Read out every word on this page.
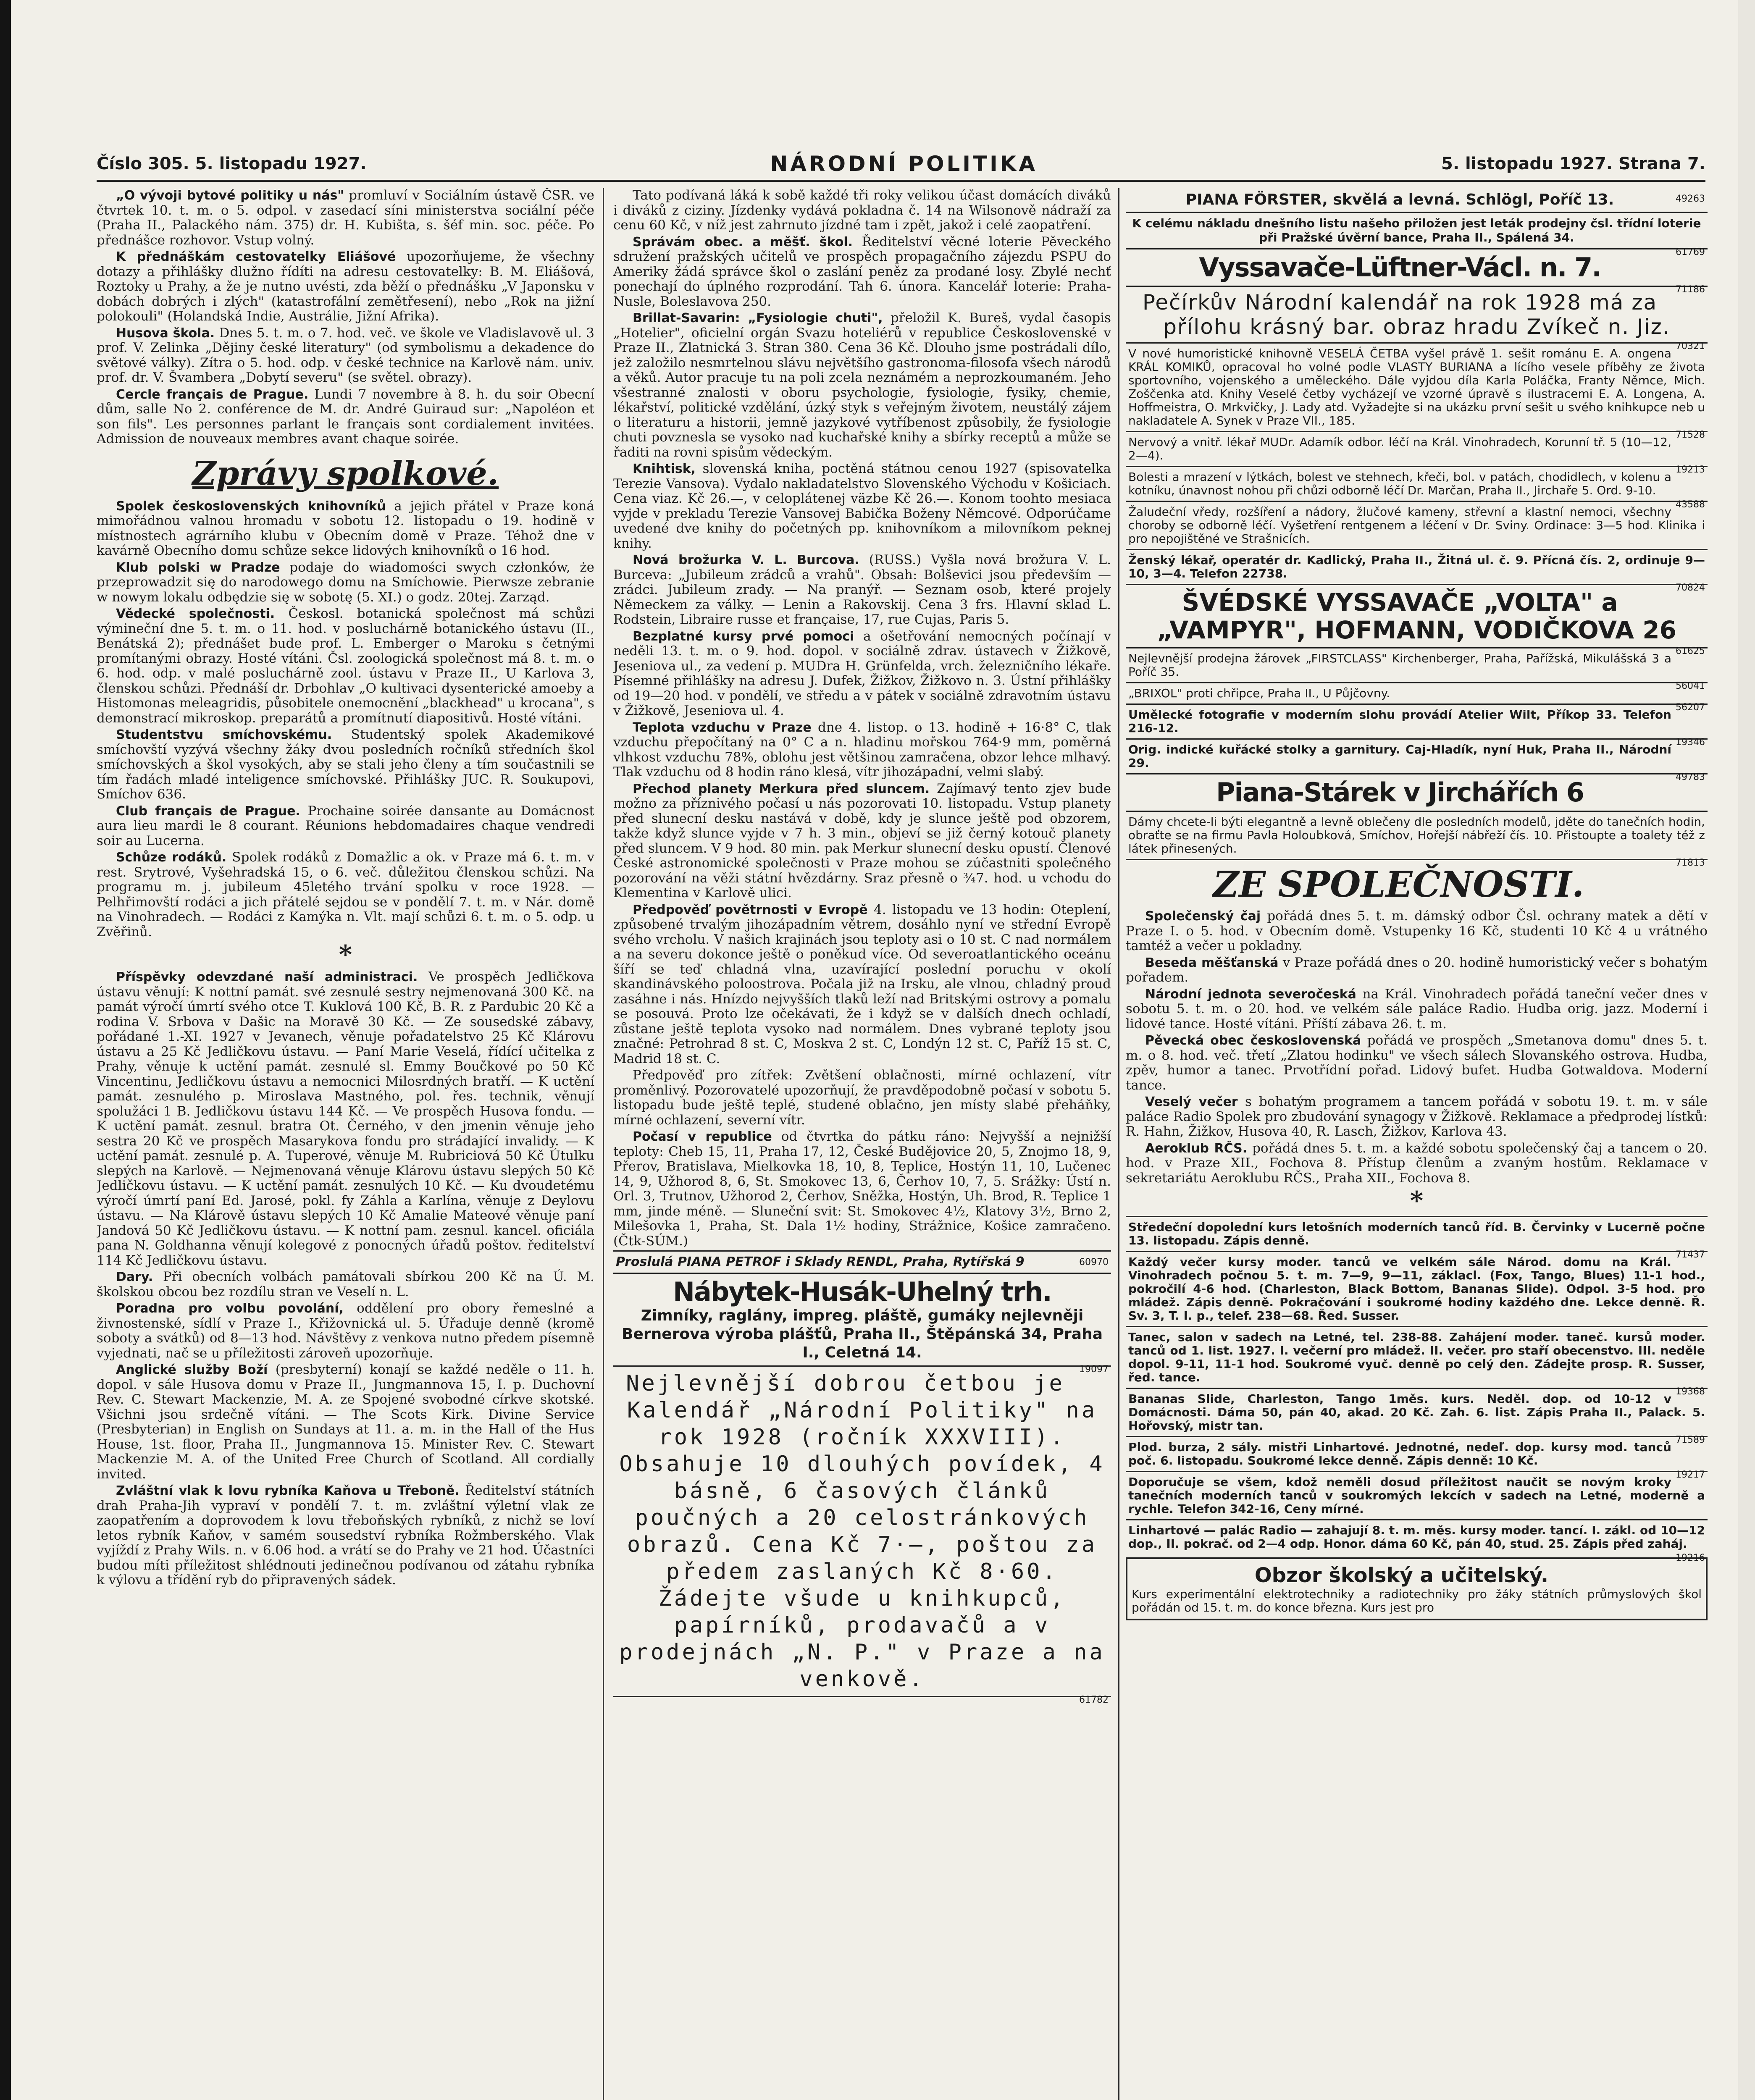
Číslo 305. 5. listopadu 1927.	NÁRODNÍ POLITIKA	5. listopadu 1927. Strana 7.

„O vývoji bytové politiky u nás" promluví v Sociálním ústavě ČSR. ve čtvrtek 10. t. m. o 5. odpol. v zasedací síni ministerstva sociální péče (Praha II., Palackého nám. 375) dr. H. Kubišta, s. šéf min. soc. péče. Po přednášce rozhovor. Vstup volný.

K přednáškám cestovatelky Eliášové upozorňujeme, že všechny dotazy a přihlášky dlužno řídíti na adresu cestovatelky: B. M. Eliášová, Roztoky u Prahy, a že je nutno uvésti, zda běží o přednášku „V Japonsku v dobách dobrých i zlých" (katastrofální zemětřesení), nebo „Rok na jižní polokouli" (Holandská Indie, Austrálie, Jižní Afrika).

Husova škola. Dnes 5. t. m. o 7. hod. več. ve škole ve Vladislavově ul. 3 prof. V. Zelinka „Dějiny české literatury" (od symbolismu a dekadence do světové války). Zítra o 5. hod. odp. v české technice na Karlově nám. univ. prof. dr. V. Švambera „Dobytí severu" (se světel. obrazy).

Cercle français de Prague. Lundi 7 novembre à 8. h. du soir Obecní dům, salle No 2. conférence de M. dr. André Guiraud sur: „Napoléon et son fils". Les personnes parlant le français sont cordialement invitées. Admission de nouveaux membres avant chaque soirée.

Zprávy spolkové.

Spolek československých knihovníků a jejich přátel v Praze koná mimořádnou valnou hromadu v sobotu 12. listopadu o 19. hodině v místnostech agrárního klubu v Obecním domě v Praze. Téhož dne v kavárně Obecního domu schůze sekce lidových knihovníků o 16 hod.

Klub polski w Pradze podaje do wiadomości swych członków, że przeprowadzit się do narodowego domu na Smíchowie. Pierwsze zebranie w nowym lokalu odbędzie się w sobotę (5. XI.) o godz. 20tej. Zarząd.

Vědecké společnosti. Českosl. botanická společnost má schůzi výmineční dne 5. t. m. o 11. hod. v posluchárně botanického ústavu (II., Benátská 2); přednášet bude prof. L. Emberger o Maroku s četnými promítanými obrazy. Hosté vítáni. Čsl. zoologická společnost má 8. t. m. o 6. hod. odp. v malé posluchárně zool. ústavu v Praze II., U Karlova 3, členskou schůzi. Přednáší dr. Drbohlav „O kultivaci dysenterické amoeby a Histomonas meleagridis, působitele onemocnění „blackhead" u krocana", s demonstrací mikroskop. preparátů a promítnutí diapositivů. Hosté vítáni.

Studentstvu smíchovskému. Studentský spolek Akademikové smíchovští vyzývá všechny žáky dvou posledních ročníků středních škol smíchovských a škol vysokých, aby se stali jeho členy a tím součastnili se tím řadách mladé inteligence smíchovské. Přihlášky JUC. R. Soukupovi, Smíchov 636.

Club français de Prague. Prochaine soirée dansante au Domácnost aura lieu mardi le 8 courant. Réunions hebdomadaires chaque vendredi soir au Lucerna.

Schůze rodáků. Spolek rodáků z Domažlic a ok. v Praze má 6. t. m. v rest. Srytrové, Vyšehradská 15, o 6. več. důležitou členskou schůzi. Na programu m. j. jubileum 45letého trvání spolku v roce 1928. — Pelhřimovští rodáci a jich přátelé sejdou se v pondělí 7. t. m. v Nár. domě na Vinohradech. — Rodáci z Kamýka n. Vlt. mají schůzi 6. t. m. o 5. odp. u Zvěřinů.

*

Příspěvky odevzdané naší administraci. Ve prospěch Jedličkova ústavu věnují: K nottní památ. své zesnulé sestry nejmenovaná 300 Kč. na památ výročí úmrtí svého otce T. Kuklová 100 Kč, B. R. z Pardubic 20 Kč a rodina V. Srbova v Dašic na Moravě 30 Kč. — Ze sousedské zábavy, pořádané 1.-XI. 1927 v Jevanech, věnuje pořadatelstvo 25 Kč Klárovu ústavu a 25 Kč Jedličkovu ústavu. — Paní Marie Veselá, řídící učitelka z Prahy, věnuje k uctění památ. zesnulé sl. Emmy Boučkové po 50 Kč Vincentinu, Jedličkovu ústavu a nemocnici Milosrdných bratří. — K uctění památ. zesnulého p. Miroslava Mastného, pol. řes. technik, věnují spolužáci 1 B. Jedličkovu ústavu 144 Kč. — Ve prospěch Husova fondu. — K uctění památ. zesnul. bratra Ot. Černého, v den jmenin věnuje jeho sestra 20 Kč ve prospěch Masarykova fondu pro strádající invalidy. — K uctění památ. zesnulé p. A. Tuperové, věnuje M. Rubriciová 50 Kč Útulku slepých na Karlově. — Nejmenovaná věnuje Klárovu ústavu slepých 50 Kč Jedličkovu ústavu. — K uctění památ. zesnulých 10 Kč. — Ku dvoudetému výročí úmrtí paní Ed. Jarosé, pokl. fy Záhla a Karlína, věnuje z Deylovu ústavu. — Na Klárově ústavu slepých 10 Kč Amalie Mateové věnuje paní Jandová 50 Kč Jedličkovu ústavu. — K nottní pam. zesnul. kancel. oficiála pana N. Goldhanna věnují kolegové z ponocných úřadů poštov. ředitelství 114 Kč Jedličkovu ústavu.

Dary. Při obecních volbách památovali sbírkou 200 Kč na Ú. M. školskou obcou bez rozdílu stran ve Veselí n. L.

Poradna pro volbu povolání, oddělení pro obory řemeslné a živnostenské, sídlí v Praze I., Křižovnická ul. 5. Úřaduje denně (kromě soboty a svátků) od 8—13 hod. Návštěvy z venkova nutno předem písemně vyjednati, nač se u příležitosti zároveň upozorňuje.

Anglické služby Boží (presbyterní) konají se každé neděle o 11. h. dopol. v sále Husova domu v Praze II., Jungmannova 15, I. p. Duchovní Rev. C. Stewart Mackenzie, M. A. ze Spojené svobodné církve skotské. Všichni jsou srdečně vítáni. — The Scots Kirk. Divine Service (Presbyterian) in English on Sundays at 11. a. m. in the Hall of the Hus House, 1st. floor, Praha II., Jungmannova 15. Minister Rev. C. Stewart Mackenzie M. A. of the United Free Church of Scotland. All cordially invited.

Zvláštní vlak k lovu rybníka Kaňova u Třeboně. Ředitelství státních drah Praha-Jih vypraví v pondělí 7. t. m. zvláštní výletní vlak ze zaopatřením a doprovodem k lovu třeboňských rybníků, z nichž se loví letos rybník Kaňov, v samém sousedství rybníka Rožmberského. Vlak vyjíždí z Prahy Wils. n. v 6.06 hod. a vrátí se do Prahy ve 21 hod. Účastníci budou míti příležitost shlédnouti jedinečnou podívanou od zátahu rybníka k výlovu a třídění ryb do připravených sádek.

Tato podívaná láká k sobě každé tři roky velikou účast domácích diváků i diváků z ciziny. Jízdenky vydává pokladna č. 14 na Wilsonově nádraží za cenu 60 Kč, v níž jest zahrnuto jízdné tam i zpět, jakož i celé zaopatření.

Správám obec. a měšť. škol. Ředitelství věcné loterie Pěveckého sdružení pražských učitelů ve prospěch propagačního zájezdu PSPU do Ameriky žádá správce škol o zaslání peněz za prodané losy. Zbylé nechť ponechají do úplného rozprodání. Tah 6. února. Kancelář loterie: Praha-Nusle, Boleslavova 250.

Brillat-Savarin: „Fysiologie chuti", přeložil K. Bureš, vydal časopis „Hotelier", oficielní orgán Svazu hoteliérů v republice Československé v Praze II., Zlatnická 3. Stran 380. Cena 36 Kč. Dlouho jsme postrádali dílo, jež založilo nesmrtelnou slávu největšího gastronoma-filosofa všech národů a věků. Autor pracuje tu na poli zcela neznámém a neprozkoumaném. Jeho všestranné znalosti v oboru psychologie, fysiologie, fysiky, chemie, lékařství, politické vzdělání, úzký styk s veřejným životem, neustálý zájem o literaturu a historii, jemně jazykové vytříbenost způsobily, že fysiologie chuti povznesla se vysoko nad kuchařské knihy a sbírky receptů a může se řaditi na rovni spisům vědeckým.

Knihtisk, slovenská kniha, poctěná státnou cenou 1927 (spisovatelka Terezie Vansova). Vydalo nakladatelstvo Slovenského Východu v Košiciach. Cena viaz. Kč 26.—, v celoplátenej väzbe Kč 26.—. Konom toohto mesiaca vyjde v prekladu Terezie Vansovej Babička Boženy Němcové. Odporúčame uvedené dve knihy do početných pp. knihovníkom a milovníkom peknej knihy.

Nová brožurka V. L. Burcova. (RUSS.) Vyšla nová brožura V. L. Burceva: „Jubileum zrádců a vrahů". Obsah: Bolševici jsou především — zrádci. Jubileum zrady. — Na pranýř. — Seznam osob, které projely Německem za války. — Lenin a Rakovskij. Cena 3 frs. Hlavní sklad L. Rodstein, Libraire russe et française, 17, rue Cujas, Paris 5.

Bezplatné kursy prvé pomoci a ošetřování nemocných počínají v neděli 13. t. m. o 9. hod. dopol. v sociálně zdrav. ústavech v Žižkově, Jeseniova ul., za vedení p. MUDra H. Grünfelda, vrch. železničního lékaře. Písemné přihlášky na adresu J. Dufek, Žižkov, Žižkovo n. 3. Ústní přihlášky od 19—20 hod. v pondělí, ve středu a v pátek v sociálně zdravotním ústavu v Žižkově, Jeseniova ul. 4.

Teplota vzduchu v Praze dne 4. listop. o 13. hodině + 16·8° C, tlak vzduchu přepočítaný na 0° C a n. hladinu mořskou 764·9 mm, poměrná vlhkost vzduchu 78%, oblohu jest většinou zamračena, obzor lehce mlhavý. Tlak vzduchu od 8 hodin ráno klesá, vítr jihozápadní, velmi slabý.

Přechod planety Merkura před sluncem. Zajímavý tento zjev bude možno za příznivého počasí u nás pozorovati 10. listopadu. Vstup planety před slunecní desku nastává v době, kdy je slunce ještě pod obzorem, takže když slunce vyjde v 7 h. 3 min., objeví se již černý kotouč planety před sluncem. V 9 hod. 80 min. pak Merkur slunecní desku opustí. Členové České astronomické společnosti v Praze mohou se zúčastniti společného pozorování na věži státní hvězdárny. Sraz přesně o ¾7. hod. u vchodu do Klementina v Karlově ulici.

Předpověď povětrnosti v Evropě 4. listopadu ve 13 hodin: Oteplení, způsobené trvalým jihozápadním větrem, dosáhlo nyní ve střední Evropě svého vrcholu. V našich krajinách jsou teploty asi o 10 st. C nad normálem a na severu dokonce ještě o poněkud více. Od severoatlantického oceánu šíří se teď chladná vlna, uzavírající poslední poruchu v okolí skandinávského poloostrova. Počala již na Irsku, ale vlnou, chladný proud zasáhne i nás. Hnízdo nejvyšších tlaků leží nad Britskými ostrovy a pomalu se posouvá. Proto lze očekávati, že i když se v dalších dnech ochladí, zůstane ještě teplota vysoko nad normálem. Dnes vybrané teploty jsou značné: Petrohrad 8 st. C, Moskva 2 st. C, Londýn 12 st. C, Paříž 15 st. C, Madrid 18 st. C.

Předpověď pro zítřek: Zvětšení oblačnosti, mírné ochlazení, vítr proměnlivý. Pozorovatelé upozorňují, že pravděpodobně počasí v sobotu 5. listopadu bude ještě teplé, studené oblačno, jen místy slabé přeháňky, mírné ochlazení, severní vítr.

Počasí v republice od čtvrtka do pátku ráno: Nejvyšší a nejnižší teploty: Cheb 15, 11, Praha 17, 12, České Budějovice 20, 5, Znojmo 18, 9, Přerov, Bratislava, Mielkovka 18, 10, 8, Teplice, Hostýn 11, 10, Lučenec 14, 9, Užhorod 8, 6, St. Smokovec 13, 6, Čerhov 10, 7, 5. Srážky: Ústí n. Orl. 3, Trutnov, Užhorod 2, Čerhov, Sněžka, Hostýn, Uh. Brod, R. Teplice 1 mm, jinde méně. — Sluneční svit: St. Smokovec 4½, Klatovy 3½, Brno 2, Milešovka 1, Praha, St. Dala 1½ hodiny, Strážnice, Košice zamračeno. (Čtk-SÚM.)

60970
Proslulá PIANA PETROF i Sklady RENDL, Praha, Rytířská 9
Nábytek-Husák-Uhelný trh.
Zimníky, raglány, impreg. pláště, gumáky nejlevněji Bernerova výroba plášťů, Praha II., Štěpánská 34, Praha I., Celetná 14.
19097
Nejlevnější dobrou četbou je Kalendář „Národní Politiky" na rok 1928 (ročník XXXVIII). Obsahuje 10 dlouhých povídek, 4 básně, 6 časových článků poučných a 20 celostránkových obrazů. Cena Kč 7·—, poštou za předem zaslaných Kč 8·60. Žádejte všude u knihkupců, papírníků, prodavačů a v prodejnách „N. P." v Praze a na venkově.
61782
49263
PIANA FÖRSTER, skvělá a levná. Schlögl, Poříč 13.
K celému nákladu dnešního listu našeho přiložen jest leták prodejny čsl. třídní loterie při Pražské úvěrní bance, Praha II., Spálená 34.
61769
Vyssavače-Lüftner-Václ. n. 7.
71186
Pečírkův Národní kalendář na rok 1928 má za přílohu krásný bar. obraz hradu Zvíkeč n. Jiz.
70321
V nové humoristické knihovně VESELÁ ČETBA vyšel právě 1. sešit románu E. A. ongena KRÁL KOMIKŮ, opracoval ho volné podle VLASTY BURIANA a lícího vesele příběhy ze života sportovního, vojenského a uměleckého. Dále vyjdou díla Karla Poláčka, Franty Němce, Mich. Zoščenka atd. Knihy Veselé četby vycházejí ve vzorné úpravě s ilustracemi E. A. Longena, A. Hoffmeistra, O. Mrkvičky, J. Lady atd. Vyžadejte si na ukázku první sešit u svého knihkupce neb u nakladatele A. Synek v Praze VII., 185.
71528
Nervový a vnitř. lékař MUDr. Adamík odbor. léčí na Král. Vinohradech, Korunní tř. 5 (10—12, 2—4).
19213
Bolesti a mrazení v lýtkách, bolest ve stehnech, křeči, bol. v patách, chodidlech, v kolenu a kotníku, únavnost nohou při chůzi odborně léčí Dr. Marčan, Praha II., Jirchaře 5. Ord. 9-10.
43588
Žaludeční vředy, rozšíření a nádory, žlučové kameny, střevní a klastní nemoci, všechny choroby se odborně léčí. Vyšetření rentgenem a léčení v Dr. Sviny. Ordinace: 3—5 hod. Klinika i pro nepojištěné ve Strašnicích.
Ženský lékař, operatér dr. Kadlický, Praha II., Žitná ul. č. 9. Přícná čís. 2, ordinuje 9—10, 3—4. Telefon 22738.
70824
ŠVÉDSKÉ VYSSAVAČE „VOLTA" a „VAMPYR", HOFMANN, VODIČKOVA 26
61625
Nejlevnější prodejna žárovek „FIRSTCLASS" Kirchenberger, Praha, Pařížská, Mikulášská 3 a Poříč 35.
56041
„BRIXOL" proti chřipce, Praha II., U Půjčovny.
56207
Umělecké fotografie v moderním slohu provádí Atelier Wilt, Příkop 33. Telefon 216-12.
19346
Orig. indické kuřácké stolky a garnitury. Caj-Hladík, nyní Huk, Praha II., Národní 29.
49783
Piana-Stárek v Jirchářích 6
Dámy chcete-li býti elegantně a levně oblečeny dle posledních modelů, jděte do tanečních hodin, obraťte se na firmu Pavla Holoubková, Smíchov, Hořejší nábřeží čís. 10. Přistoupte a toalety též z látek přinesených.
71813
ZE SPOLEČNOSTI.

Společenský čaj pořádá dnes 5. t. m. dámský odbor Čsl. ochrany matek a dětí v Praze I. o 5. hod. v Obecním domě. Vstupenky 16 Kč, studenti 10 Kč 4 u vrátného tamtéž a večer u pokladny.

Beseda měšťanská v Praze pořádá dnes o 20. hodině humoristický večer s bohatým pořadem.

Národní jednota severočeská na Král. Vinohradech pořádá taneční večer dnes v sobotu 5. t. m. o 20. hod. ve velkém sále paláce Radio. Hudba orig. jazz. Moderní i lidové tance. Hosté vítáni. Příští zábava 26. t. m.

Pěvecká obec československá pořádá ve prospěch „Smetanova domu" dnes 5. t. m. o 8. hod. več. třetí „Zlatou hodinku" ve všech sálech Slovanského ostrova. Hudba, zpěv, humor a tanec. Prvotřídní pořad. Lidový bufet. Hudba Gotwaldova. Moderní tance.

Veselý večer s bohatým programem a tancem pořádá v sobotu 19. t. m. v sále paláce Radio Spolek pro zbudování synagogy v Žižkově. Reklamace a předprodej lístků: R. Hahn, Žižkov, Husova 40, R. Lasch, Žižkov, Karlova 43.

Aeroklub RČS. pořádá dnes 5. t. m. a každé sobotu společenský čaj a tancem o 20. hod. v Praze XII., Fochova 8. Přístup členům a zvaným hostům. Reklamace v sekretariátu Aeroklubu RČS., Praha XII., Fochova 8.

*
Středeční dopolední kurs letošních moderních tanců říd. B. Červinky v Lucerně počne 13. listopadu. Zápis denně.
71437
Každý večer kursy moder. tanců ve velkém sále Národ. domu na Král. Vinohradech počnou 5. t. m. 7—9, 9—11, záklacl. (Fox, Tango, Blues) 11-1 hod., pokročilí 4-6 hod. (Charleston, Black Bottom, Bananas Slide). Odpol. 3-5 hod. pro mládež. Zápis denně. Pokračování i soukromé hodiny každého dne. Lekce denně. Ř. Sv. 3, T. I. p., telef. 238—68. Řed. Susser.
Tanec, salon v sadech na Letné, tel. 238-88. Zahájení moder. taneč. kursů moder. tanců od 1. list. 1927. I. večerní pro mládež. II. večer. pro staří obecenstvo. III. neděle dopol. 9-11, 11-1 hod. Soukromé vyuč. denně po celý den. Zádejte prosp. R. Susser, řed. tance.
19368
Bananas Slide, Charleston, Tango 1měs. kurs. Neděl. dop. od 10-12 v Domácnosti. Dáma 50, pán 40, akad. 20 Kč. Zah. 6. list. Zápis Praha II., Palack. 5. Hořovský, mistr tan.
71589
Plod. burza, 2 sály. mistři Linhartové. Jednotné, nedeľ. dop. kursy mod. tanců poč. 6. listopadu. Soukromé lekce denně. Zápis denně: 10 Kč.
19217
Doporučuje se všem, kdož neměli dosud příležitost naučit se novým kroky tanečních moderních tanců v soukromých lekcích v sadech na Letné, moderně a rychle. Telefon 342-16, Ceny mírné.
Linhartové — palác Radio — zahajují 8. t. m. měs. kursy moder. tancí. I. zákl. od 10—12 dop., II. pokrač. od 2—4 odp. Honor. dáma 60 Kč, pán 40, stud. 25. Zápis před zaháj.
19216
Obzor školský a učitelský.
Kurs experimentální elektrotechniky a radiotechniky pro žáky státních průmyslových škol pořádán od 15. t. m. do konce března. Kurs jest pro
